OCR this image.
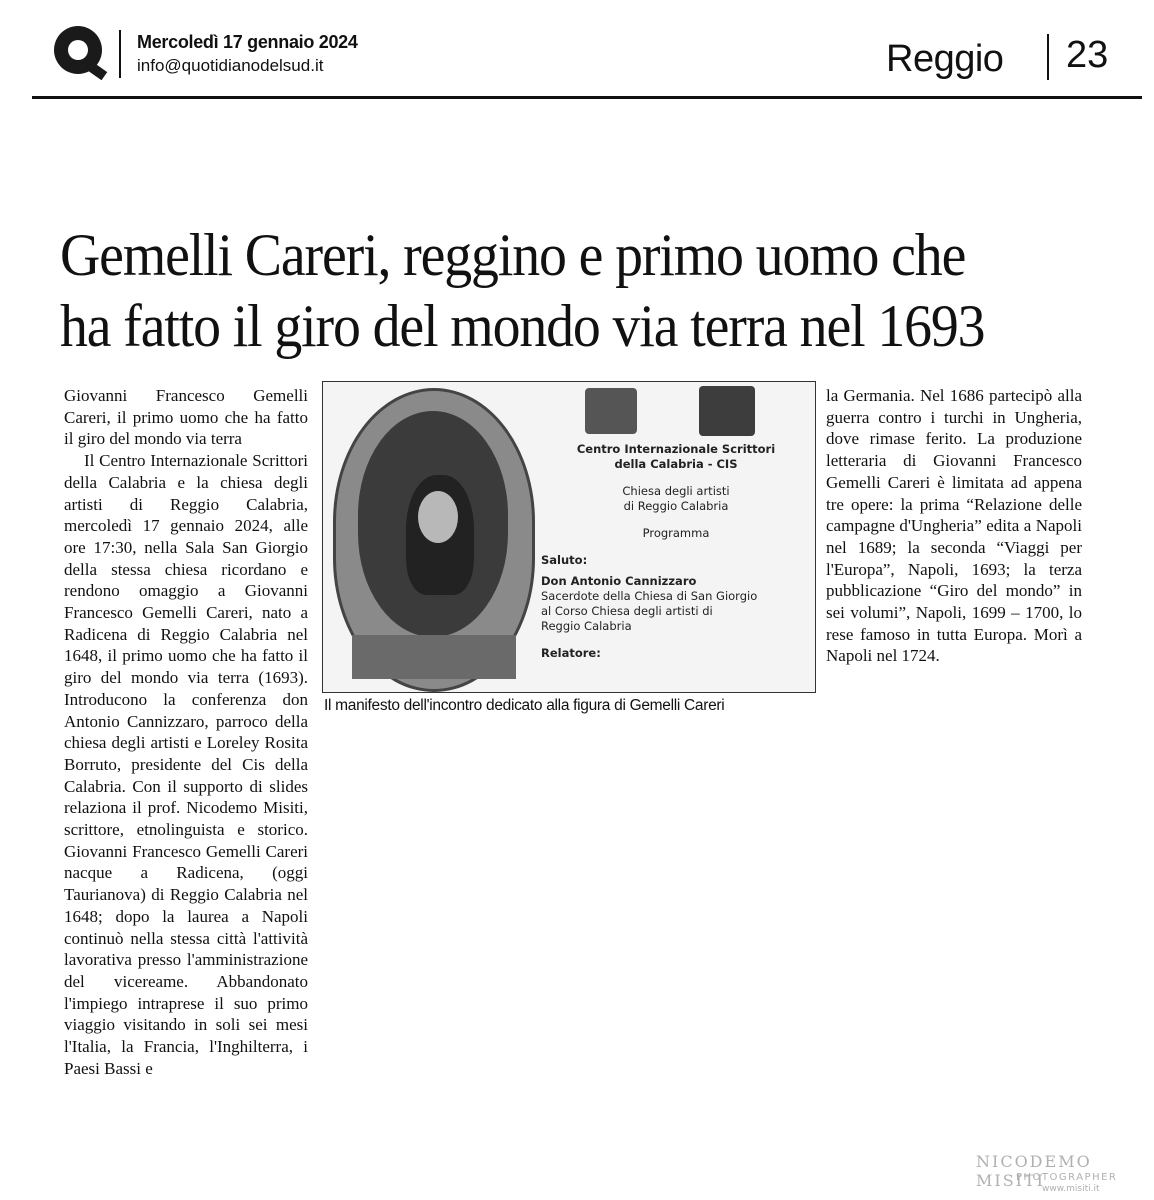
Mercoledì 17 gennaio 2024
info@quotidianodelsud.it	Reggio 23
Gemelli Careri, reggino e primo uomo che
ha fatto il giro del mondo via terra nel 1693

Giovanni Francesco Gemelli Careri, il primo uomo che ha fatto il giro del mondo via terra

Il Centro Internazionale Scrittori della Calabria e la chiesa degli artisti di Reggio Calabria, mercoledì 17 gennaio 2024, alle ore 17:30, nella Sala San Giorgio della stessa chiesa ricordano e rendono omaggio a Giovanni Francesco Gemelli Careri, nato a Radicena di Reggio Calabria nel 1648, il primo uomo che ha fatto il giro del mondo via terra (1693). Introducono la conferenza don Antonio Cannizzaro, parroco della chiesa degli artisti e Loreley Rosita Borruto, presidente del Cis della Calabria. Con il supporto di slides relaziona il prof. Nicodemo Misiti, scrittore, etnolinguista e storico. Giovanni Francesco Gemelli Careri nacque a Radicena, (oggi Taurianova) di Reggio Calabria nel 1648; dopo la laurea a Napoli continuò nella stessa città l'attività lavorativa presso l'amministrazione del vicereame. Abbandonato l'impiego intraprese il suo primo viaggio visitando in soli sei mesi l'Italia, la Francia, l'Inghilterra, i Paesi Bassi e

Centro Internazionale Scrittori
della Calabria - CIS
Chiesa degli artisti
di Reggio Calabria
Programma
Saluto:
Don Antonio Cannizzaro
Sacerdote della Chiesa di San Giorgio
al Corso Chiesa degli artisti di
Reggio Calabria
Relatore:
Il manifesto dell'incontro dedicato alla figura di Gemelli Careri

la Germania. Nel 1686 partecipò alla guerra contro i turchi in Ungheria, dove rimase ferito. La produzione letteraria di Giovanni Francesco Gemelli Careri è limitata ad appena tre opere: la prima “Relazione delle campagne d'Ungheria” edita a Napoli nel 1689; la seconda “Viaggi per l'Europa”, Napoli, 1693; la terza pubblicazione “Giro del mondo” in sei volumi”, Napoli, 1699 – 1700, lo rese famoso in tutta Europa. Morì a Napoli nel 1724.

NICODEMO MISITI
PHOTOGRAPHER
www.misiti.it
